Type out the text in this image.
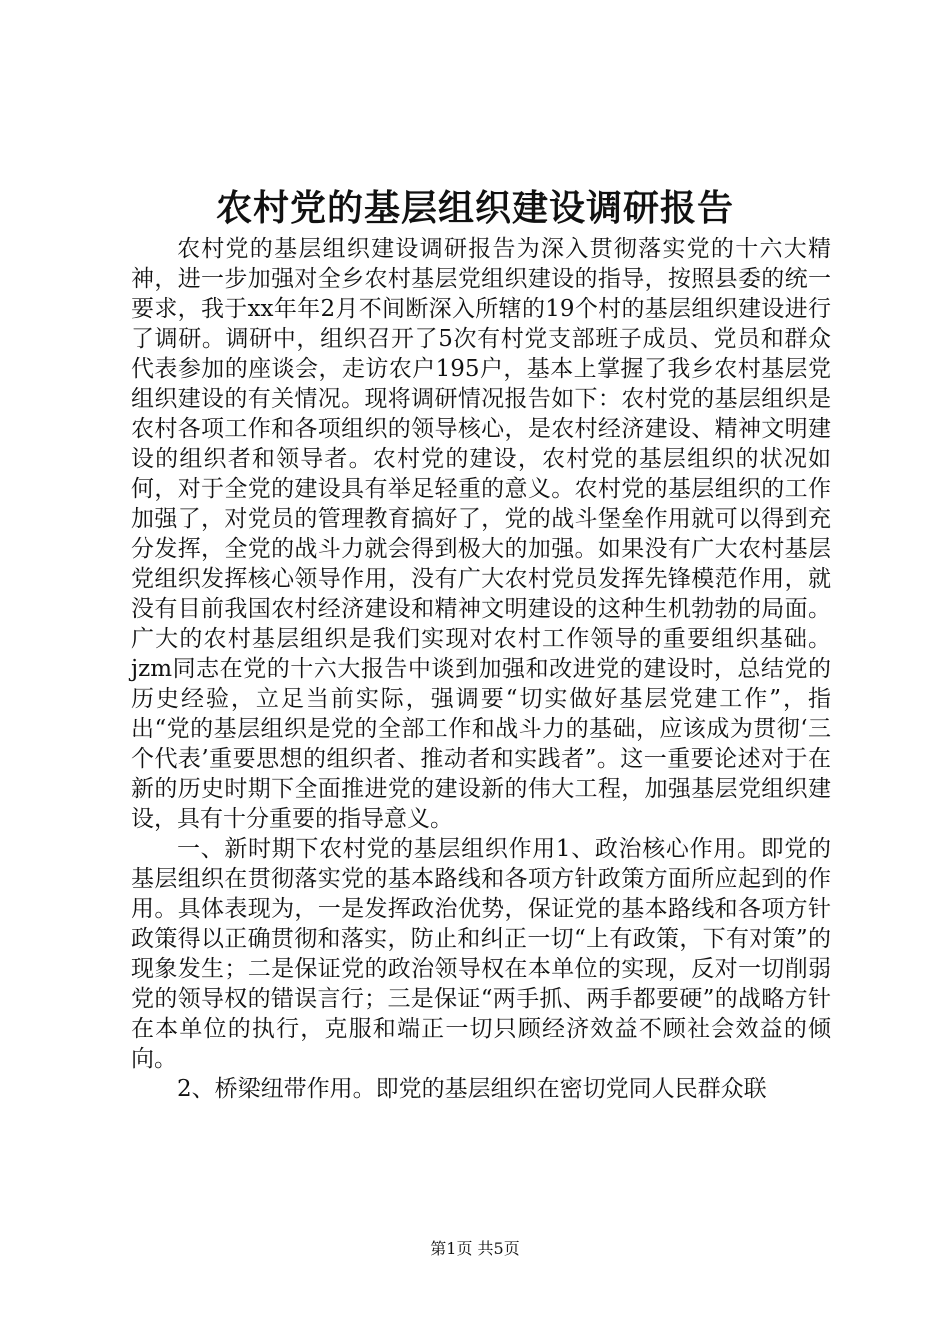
农村党的基层组织建设调研报告

农村党的基层组织建设调研报告为深入贯彻落实党的十六大精神，进一步加强对全乡农村基层党组织建设的指导，按照县委的统一要求，我于xx年年2月不间断深入所辖的19个村的基层组织建设进行了调研。调研中，组织召开了5次有村党支部班子成员、党员和群众代表参加的座谈会，走访农户195户，基本上掌握了我乡农村基层党组织建设的有关情况。现将调研情况报告如下：农村党的基层组织是农村各项工作和各项组织的领导核心，是农村经济建设、精神文明建设的组织者和领导者。农村党的建设，农村党的基层组织的状况如何，对于全党的建设具有举足轻重的意义。农村党的基层组织的工作加强了，对党员的管理教育搞好了，党的战斗堡垒作用就可以得到充分发挥，全党的战斗力就会得到极大的加强。如果没有广大农村基层党组织发挥核心领导作用，没有广大农村党员发挥先锋模范作用，就没有目前我国农村经济建设和精神文明建设的这种生机勃勃的局面。广大的农村基层组织是我们实现对农村工作领导的重要组织基础。jzm同志在党的十六大报告中谈到加强和改进党的建设时，总结党的历史经验，立足当前实际，强调要“切实做好基层党建工作”，指出“党的基层组织是党的全部工作和战斗力的基础，应该成为贯彻‘三个代表’重要思想的组织者、推动者和实践者”。这一重要论述对于在新的历史时期下全面推进党的建设新的伟大工程，加强基层党组织建设，具有十分重要的指导意义。

一、新时期下农村党的基层组织作用1、政治核心作用。即党的基层组织在贯彻落实党的基本路线和各项方针政策方面所应起到的作用。具体表现为，一是发挥政治优势，保证党的基本路线和各项方针政策得以正确贯彻和落实，防止和纠正一切“上有政策，下有对策”的现象发生；二是保证党的政治领导权在本单位的实现，反对一切削弱党的领导权的错误言行；三是保证“两手抓、两手都要硬”的战略方针在本单位的执行，克服和端正一切只顾经济效益不顾社会效益的倾向。

2、桥梁纽带作用。即党的基层组织在密切党同人民群众联

第1页 共5页
